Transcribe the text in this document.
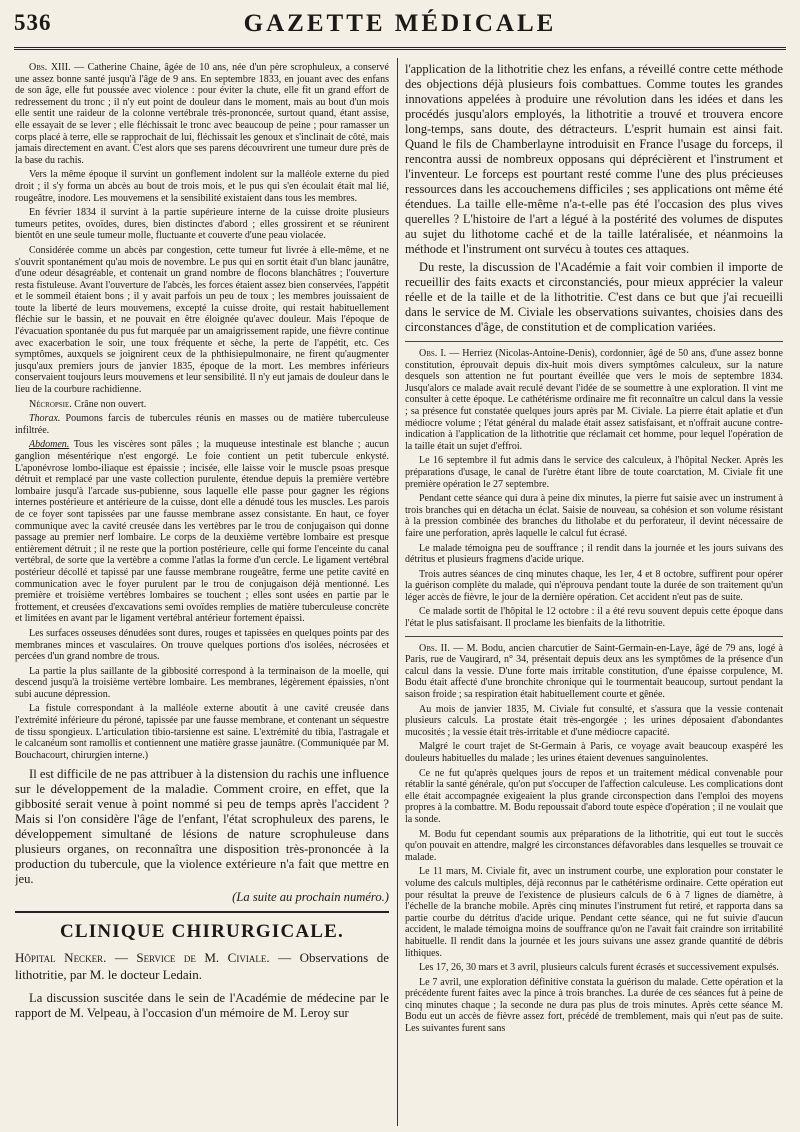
536	GAZETTE MÉDICALE

Obs. XIII. — Catherine Chaine, âgée de 10 ans, née d'un père scrophuleux, a conservé une assez bonne santé jusqu'à l'âge de 9 ans. En septembre 1833, en jouant avec des enfans de son âge, elle fut poussée avec violence : pour éviter la chute, elle fit un grand effort de redressement du tronc ; il n'y eut point de douleur dans le moment, mais au bout d'un mois elle sentit une raideur de la colonne vertébrale très-prononcée, surtout quand, étant assise, elle essayait de se lever ; elle fléchissait le tronc avec beaucoup de peine ; pour ramasser un corps placé à terre, elle se rapprochait de lui, fléchissait les genoux et s'inclinait de côté, mais jamais directement en avant. C'est alors que ses parens découvrirent une tumeur dure près de la base du rachis.

Vers la même époque il survint un gonflement indolent sur la malléole externe du pied droit ; il s'y forma un abcès au bout de trois mois, et le pus qui s'en écoulait était mal lié, rougeâtre, inodore. Les mouvemens et la sensibilité existaient dans tous les membres.

En février 1834 il survint à la partie supérieure interne de la cuisse droite plusieurs tumeurs petites, ovoïdes, dures, bien distinctes d'abord ; elles grossirent et se réunirent bientôt en une seule tumeur molle, fluctuante et couverte d'une peau violacée.

Considérée comme un abcès par congestion, cette tumeur fut livrée à elle-même, et ne s'ouvrit spontanément qu'au mois de novembre. Le pus qui en sortit était d'un blanc jaunâtre, d'une odeur désagréable, et contenait un grand nombre de flocons blanchâtres ; l'ouverture resta fistuleuse. Avant l'ouverture de l'abcès, les forces étaient assez bien conservées, l'appétit et le sommeil étaient bons ; il y avait parfois un peu de toux ; les membres jouissaient de toute la liberté de leurs mouvemens, excepté la cuisse droite, qui restait habituellement fléchie sur le bassin, et ne pouvait en être éloignée qu'avec douleur. Mais l'époque de l'évacuation spontanée du pus fut marquée par un amaigrissement rapide, une fièvre continue avec exacerbation le soir, une toux fréquente et sèche, la perte de l'appétit, etc. Ces symptômes, auxquels se joignirent ceux de la phthisiepulmonaire, ne firent qu'augmenter jusqu'aux premiers jours de janvier 1835, époque de la mort. Les membres inférieurs conservaient toujours leurs mouvemens et leur sensibilité. Il n'y eut jamais de douleur dans le lieu de la courbure rachidienne.

Nécropsie. Crâne non ouvert.

Thorax. Poumons farcis de tubercules réunis en masses ou de matière tuberculeuse infiltrée.

Abdomen. Tous les viscères sont pâles ; la muqueuse intestinale est blanche ; aucun ganglion mésentérique n'est engorgé. Le foie contient un petit tubercule enkysté. L'aponévrose lombo-iliaque est épaissie ; incisée, elle laisse voir le muscle psoas presque détruit et remplacé par une vaste collection purulente, étendue depuis la première vertèbre lombaire jusqu'à l'arcade sus-pubienne, sous laquelle elle passe pour gagner les régions internes postérieure et antérieure de la cuisse, dont elle a dénudé tous les muscles. Les parois de ce foyer sont tapissées par une fausse membrane assez consistante. En haut, ce foyer communique avec la cavité creusée dans les vertèbres par le trou de conjugaison qui donne passage au premier nerf lombaire. Le corps de la deuxième vertèbre lombaire est presque entièrement détruit ; il ne reste que la portion postérieure, celle qui forme l'enceinte du canal vertébral, de sorte que la vertèbre a comme l'atlas la forme d'un cercle. Le ligament vertébral postérieur décollé et tapissé par une fausse membrane rougeâtre, ferme une petite cavité en communication avec le foyer purulent par le trou de conjugaison déjà mentionné. Les première et troisième vertèbres lombaires se touchent ; elles sont usées en partie par le frottement, et creusées d'excavations semi ovoïdes remplies de matière tuberculeuse concrète et limitées en avant par le ligament vertébral antérieur fortement épaissi.

Les surfaces osseuses dénudées sont dures, rouges et tapissées en quelques points par des membranes minces et vasculaires. On trouve quelques portions d'os isolées, nécrosées et percées d'un grand nombre de trous.

La partie la plus saillante de la gibbosité correspond à la terminaison de la moelle, qui descend jusqu'à la troisième vertèbre lombaire. Les membranes, légèrement épaissies, n'ont subi aucune dépression.

La fistule correspondant à la malléole externe aboutit à une cavité creusée dans l'extrémité inférieure du péroné, tapissée par une fausse membrane, et contenant un séquestre de tissu spongieux. L'articulation tibio-tarsienne est saine. L'extrémité du tibia, l'astragale et le calcanéum sont ramollis et contiennent une matière grasse jaunâtre. (Communiquée par M. Bouchacourt, chirurgien interne.)

Il est difficile de ne pas attribuer à la distension du rachis une influence sur le développement de la maladie. Comment croire, en effet, que la gibbosité serait venue à point nommé si peu de temps après l'accident ? Mais si l'on considère l'âge de l'enfant, l'état scrophuleux des parens, le développement simultané de lésions de nature scrophuleuse dans plusieurs organes, on reconnaîtra une disposition très-prononcée à la production du tubercule, que la violence extérieure n'a fait que mettre en jeu.

(La suite au prochain numéro.)

CLINIQUE CHIRURGICALE.

Hôpital Necker. — Service de M. Civiale. — Observations de lithotritie, par M. le docteur Ledain.

La discussion suscitée dans le sein de l'Académie de médecine par le rapport de M. Velpeau, à l'occasion d'un mémoire de M. Leroy sur

l'application de la lithotritie chez les enfans, a réveillé contre cette méthode des objections déjà plusieurs fois combattues. Comme toutes les grandes innovations appelées à produire une révolution dans les idées et dans les procédés jusqu'alors employés, la lithotritie a trouvé et trouvera encore long-temps, sans doute, des détracteurs. L'esprit humain est ainsi fait. Quand le fils de Chamberlayne introduisit en France l'usage du forceps, il rencontra aussi de nombreux opposans qui déprécièrent et l'instrument et l'inventeur. Le forceps est pourtant resté comme l'une des plus précieuses ressources dans les accouchemens difficiles ; ses applications ont même été étendues. La taille elle-même n'a-t-elle pas été l'occasion des plus vives querelles ? L'histoire de l'art a légué à la postérité des volumes de disputes au sujet du lithotome caché et de la taille latéralisée, et néanmoins la méthode et l'instrument ont survécu à toutes ces attaques.

Du reste, la discussion de l'Académie a fait voir combien il importe de recueillir des faits exacts et circonstanciés, pour mieux apprécier la valeur réelle et de la taille et de la lithotritie. C'est dans ce but que j'ai recueilli dans le service de M. Civiale les observations suivantes, choisies dans des circonstances d'âge, de constitution et de complication variées.

Obs. I. — Herriez (Nicolas-Antoine-Denis), cordonnier, âgé de 50 ans, d'une assez bonne constitution, éprouvait depuis dix-huit mois divers symptômes calculeux, sur la nature desquels son attention ne fut pourtant éveillée que vers le mois de septembre 1834. Jusqu'alors ce malade avait reculé devant l'idée de se soumettre à une exploration. Il vint me consulter à cette époque. Le cathétérisme ordinaire me fit reconnaître un calcul dans la vessie ; sa présence fut constatée quelques jours après par M. Civiale. La pierre était aplatie et d'un médiocre volume ; l'état général du malade était assez satisfaisant, et n'offrait aucune contre-indication à l'application de la lithotritie que réclamait cet homme, pour lequel l'opération de la taille était un sujet d'effroi.

Le 16 septembre il fut admis dans le service des calculeux, à l'hôpital Necker. Après les préparations d'usage, le canal de l'urètre étant libre de toute coarctation, M. Civiale fit une première opération le 27 septembre.

Pendant cette séance qui dura à peine dix minutes, la pierre fut saisie avec un instrument à trois branches qui en détacha un éclat. Saisie de nouveau, sa cohésion et son volume résistant à la pression combinée des branches du litholabe et du perforateur, il devint nécessaire de faire une perforation, après laquelle le calcul fut écrasé.

Le malade témoigna peu de souffrance ; il rendit dans la journée et les jours suivans des détritus et plusieurs fragmens d'acide urique.

Trois autres séances de cinq minutes chaque, les 1er, 4 et 8 octobre, suffirent pour opérer la guérison complète du malade, qui n'éprouva pendant toute la durée de son traitement qu'un léger accès de fièvre, le jour de la dernière opération. Cet accident n'eut pas de suite.

Ce malade sortit de l'hôpital le 12 octobre : il a été revu souvent depuis cette époque dans l'état le plus satisfaisant. Il proclame les bienfaits de la lithotritie.

Obs. II. — M. Bodu, ancien charcutier de Saint-Germain-en-Laye, âgé de 79 ans, logé à Paris, rue de Vaugirard, n° 34, présentait depuis deux ans les symptômes de la présence d'un calcul dans la vessie. D'une forte mais irritable constitution, d'une épaisse corpulence, M. Bodu était affecté d'une bronchite chronique qui le tourmentait beaucoup, surtout pendant la saison froide ; sa respiration était habituellement courte et gênée.

Au mois de janvier 1835, M. Civiale fut consulté, et s'assura que la vessie contenait plusieurs calculs. La prostate était très-engorgée ; les urines déposaient d'abondantes mucosités ; la vessie était très-irritable et d'une médiocre capacité.

Malgré le court trajet de St-Germain à Paris, ce voyage avait beaucoup exaspéré les douleurs habituelles du malade ; les urines étaient devenues sanguinolentes.

Ce ne fut qu'après quelques jours de repos et un traitement médical convenable pour rétablir la santé générale, qu'on put s'occuper de l'affection calculeuse. Les complications dont elle était accompagnée exigeaient la plus grande circonspection dans l'emploi des moyens propres à la combattre. M. Bodu repoussait d'abord toute espèce d'opération ; il ne voulait que la sonde.

M. Bodu fut cependant soumis aux préparations de la lithotritie, qui eut tout le succès qu'on pouvait en attendre, malgré les circonstances défavorables dans lesquelles se trouvait ce malade.

Le 11 mars, M. Civiale fit, avec un instrument courbe, une exploration pour constater le volume des calculs multiples, déjà reconnus par le cathétérisme ordinaire. Cette opération eut pour résultat la preuve de l'existence de plusieurs calculs de 6 à 7 lignes de diamètre, à l'échelle de la branche mobile. Après cinq minutes l'instrument fut retiré, et rapporta dans sa partie courbe du détritus d'acide urique. Pendant cette séance, qui ne fut suivie d'aucun accident, le malade témoigna moins de souffrance qu'on ne l'avait fait craindre son irritabilité habituelle. Il rendit dans la journée et les jours suivans une assez grande quantité de débris lithiques.

Les 17, 26, 30 mars et 3 avril, plusieurs calculs furent écrasés et successivement expulsés.

Le 7 avril, une exploration définitive constata la guérison du malade. Cette opération et la précédente furent faites avec la pince à trois branches. La durée de ces séances fut à peine de cinq minutes chaque ; la seconde ne dura pas plus de trois minutes. Après cette séance M. Bodu eut un accès de fièvre assez fort, précédé de tremblement, mais qui n'eut pas de suite. Les suivantes furent sans
